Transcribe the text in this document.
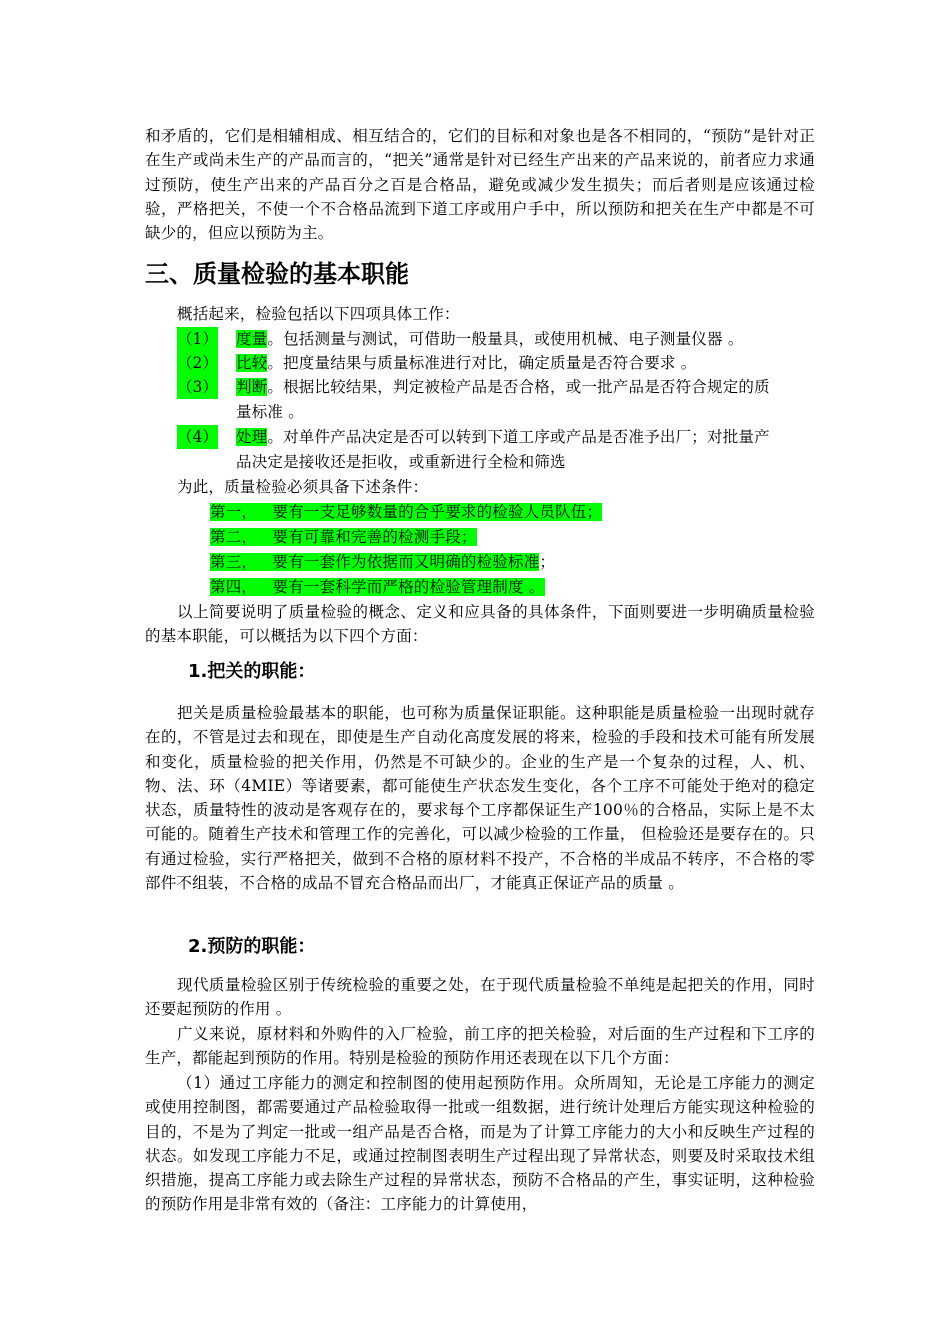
和矛盾的，它们是相辅相成、相互结合的，它们的目标和对象也是各不相同的，“预防”是针对正在生产或尚未生产的产品而言的，“把关”通常是针对已经生产出来的产品来说的，前者应力求通过预防，使生产出来的产品百分之百是合格品，避免或减少发生损失；而后者则是应该通过检验，严格把关，不使一个不合格品流到下道工序或用户手中，所以预防和把关在生产中都是不可缺少的，但应以预防为主。
三、质量检验的基本职能
概括起来，检验包括以下四项具体工作：
（1） 度量。包括测量与测试，可借助一般量具，或使用机械、电子测量仪器 。
（2） 比较。把度量结果与质量标准进行对比，确定质量是否符合要求 。
（3） 判断。根据比较结果，判定被检产品是否合格，或一批产品是否符合规定的质
量标准 。
（4） 处理。对单件产品决定是否可以转到下道工序或产品是否准予出厂；对批量产
品决定是接收还是拒收，或重新进行全检和筛选
为此，质量检验必须具备下述条件：
第一， 要有一支足够数量的合乎要求的检验人员队伍；
第二， 要有可靠和完善的检测手段；
第三， 要有一套作为依据而又明确的检验标准；
第四， 要有一套科学而严格的检验管理制度 。
以上简要说明了质量检验的概念、定义和应具备的具体条件，下面则要进一步明确质量检验的基本职能，可以概括为以下四个方面：
1.把关的职能：
把关是质量检验最基本的职能，也可称为质量保证职能。这种职能是质量检验一出现时就存在的，不管是过去和现在，即使是生产自动化高度发展的将来，检验的手段和技术可能有所发展和变化，质量检验的把关作用，仍然是不可缺少的。企业的生产是一个复杂的过程，人、机、物、法、环（4MIE）等诸要素，都可能使生产状态发生变化，各个工序不可能处于绝对的稳定状态，质量特性的波动是客观存在的，要求每个工序都保证生产100％的合格品，实际上是不太可能的。随着生产技术和管理工作的完善化，可以减少检验的工作量， 但检验还是要存在的。只有通过检验，实行严格把关，做到不合格的原材料不投产，不合格的半成品不转序，不合格的零部件不组装，不合格的成品不冒充合格品而出厂，才能真正保证产品的质量 。
2.预防的职能：
现代质量检验区别于传统检验的重要之处，在于现代质量检验不单纯是起把关的作用，同时还要起预防的作用 。
广义来说，原材料和外购件的入厂检验，前工序的把关检验，对后面的生产过程和下工序的生产，都能起到预防的作用。特别是检验的预防作用还表现在以下几个方面：
（1）通过工序能力的测定和控制图的使用起预防作用。众所周知，无论是工序能力的测定或使用控制图，都需要通过产品检验取得一批或一组数据，进行统计处理后方能实现这种检验的目的，不是为了判定一批或一组产品是否合格，而是为了计算工序能力的大小和反映生产过程的状态。如发现工序能力不足，或通过控制图表明生产过程出现了异常状态，则要及时采取技术组织措施，提高工序能力或去除生产过程的异常状态，预防不合格品的产生，事实证明，这种检验的预防作用是非常有效的（备注：工序能力的计算使用，
